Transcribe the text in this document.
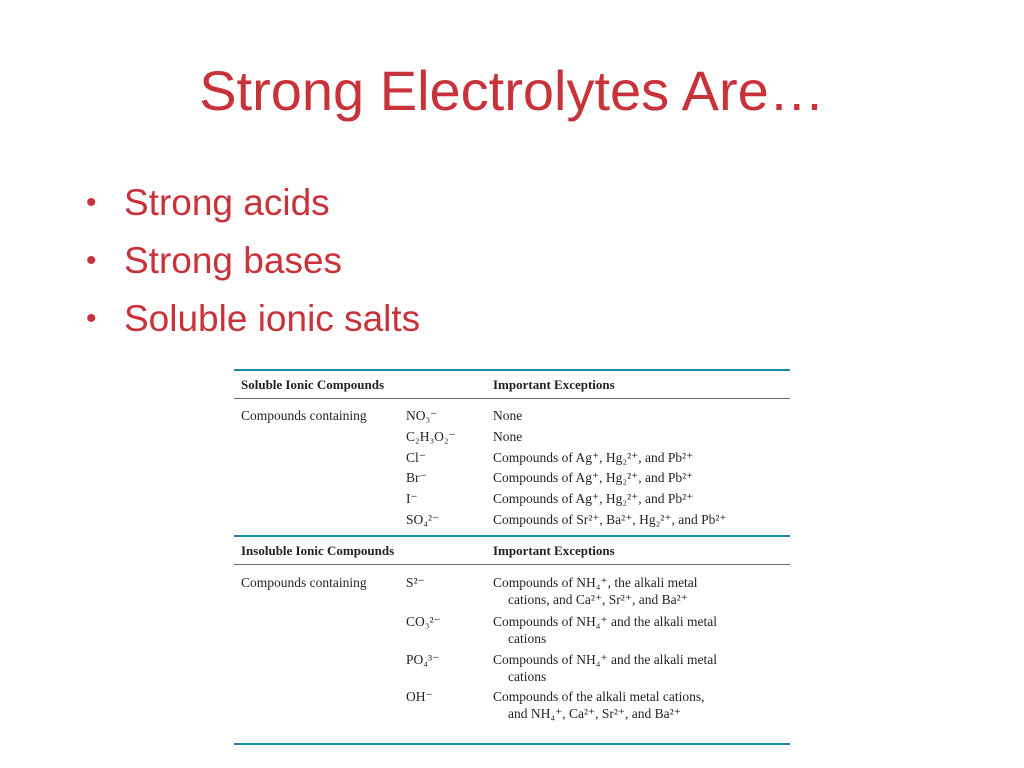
Strong Electrolytes Are…
• Strong acids
• Strong bases
• Soluble ionic salts
Soluble Ionic Compounds	Important Exceptions
Compounds containing	NO₃⁻	None
C₂H₃O₂⁻	None
Cl⁻	Compounds of Ag⁺, Hg₂²⁺, and Pb²⁺
Br⁻	Compounds of Ag⁺, Hg₂²⁺, and Pb²⁺
I⁻	Compounds of Ag⁺, Hg₂²⁺, and Pb²⁺
SO₄²⁻	Compounds of Sr²⁺, Ba²⁺, Hg₂²⁺, and Pb²⁺
Insoluble Ionic Compounds	Important Exceptions
Compounds containing	S²⁻	Compounds of NH₄⁺, the alkali metal
cations, and Ca²⁺, Sr²⁺, and Ba²⁺
CO₃²⁻	Compounds of NH₄⁺ and the alkali metal
cations
PO₄³⁻	Compounds of NH₄⁺ and the alkali metal
cations
OH⁻	Compounds of the alkali metal cations,
and NH₄⁺, Ca²⁺, Sr²⁺, and Ba²⁺
